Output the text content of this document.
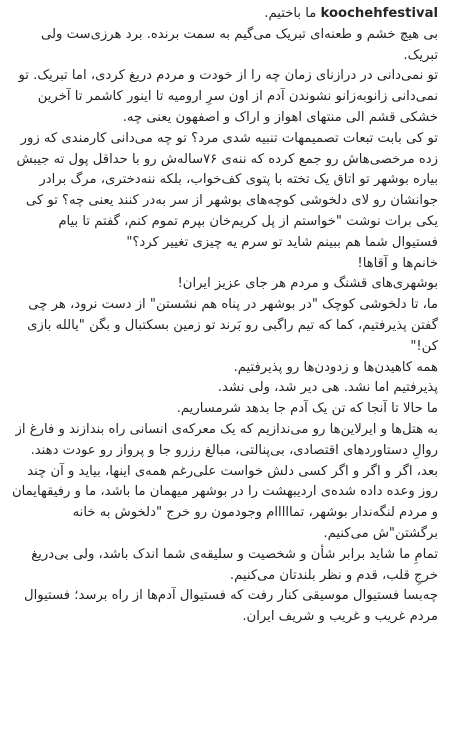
koochehfestival ما باختیم.

بی هیچ خشم و طعنه‌ای تبریک می‌گیم به سمت برنده. برد هرزی‌ست ولی تبریک.

تو نمی‌دانی در درازنای زمان چه را از خودت و مردم دریغ کردی، اما تبریک. تو نمی‌دانی زانوبه‌زانو نشوندن آدم از اون سرِ ارومیه تا اینور کاشمر تا آخرین خشکی قشم الی منتهای اهواز و اراک و اصفهون یعنی چه.

تو کی بابت تبعات تصمیمهات تنبیه شدی مرد؟ تو چه می‌دانی کارمندی که زور زده مرخصی‌هاش رو جمع کرده که ننه‌ی ۷۶ساله‌ش رو با حداقل پول ته جیبش بیاره بوشهر تو اتاق یک تخته با پتوی کف‌خواب، بلکه ننه‌دختری، مرگ برادر جوانشان رو لای دلخوشی کوچه‌های بوشهر از سر به‌در کنند یعنی چه؟ تو کی یکی برات نوشت "خواستم از پل کریم‌خان بپرم تموم کنم، گفتم تا بیام فستیوال شما هم ببینم شاید تو سرم یه چیزی تغییر کرد؟"

خانم‌ها و آقاها!

بوشهری‌های قشنگ و مردم هر جای عزیز ایران!

ما، تا دلخوشی کوچک "در بوشهر در پناه هم نشستن" از دست نرود، هر چی گفتن پذیرفتیم، کما که تیم راگبی رو بَرند تو زمین بسکتبال و بگن "یالله بازی کن!"

همه کاهیدن‌ها و زدودن‌ها رو پذیرفتیم.

پذیرفتیم اما نشد. هی دیر شد، ولی نشد.

ما حالا تا آنجا که تن یک آدم جا بدهد شرمساریم.

به هتل‌ها و ایرلاین‌ها رو می‌ندازیم که یک معرکه‌ی انسانی راه بندازند و فارغ از روالِ دستاوردهای اقتصادی، بی‌پنالتی، مبالغ رزرو جا و پرواز رو عودت دهند.

بعد، اگر و اگر و اگر کسی دلش خواست علی‌رغم همه‌ی اینها، بیاید و آن چند روز وعده داده شده‌ی اردیبهشت را در بوشهر میهمان ما باشد، ما و رفیقهایمان و مردم لنگه‌ندار بوشهر، تمااااام وجودمون رو خرج "دلخوش به خانه برگشتن"ش می‌کنیم.

تمامِ ما شاید برابر شأن و شخصیت و سلیقه‌ی شما اندک باشد، ولی بی‌دریغ خرجِ قلب، قدم و نظر بلندتان می‌کنیم.

چه‌بسا فستیوال موسیقی کنار رفت که فستیوال آدم‌ها از راه برسد؛ فستیوال مردم غریب و غریب و شریف ایران.
